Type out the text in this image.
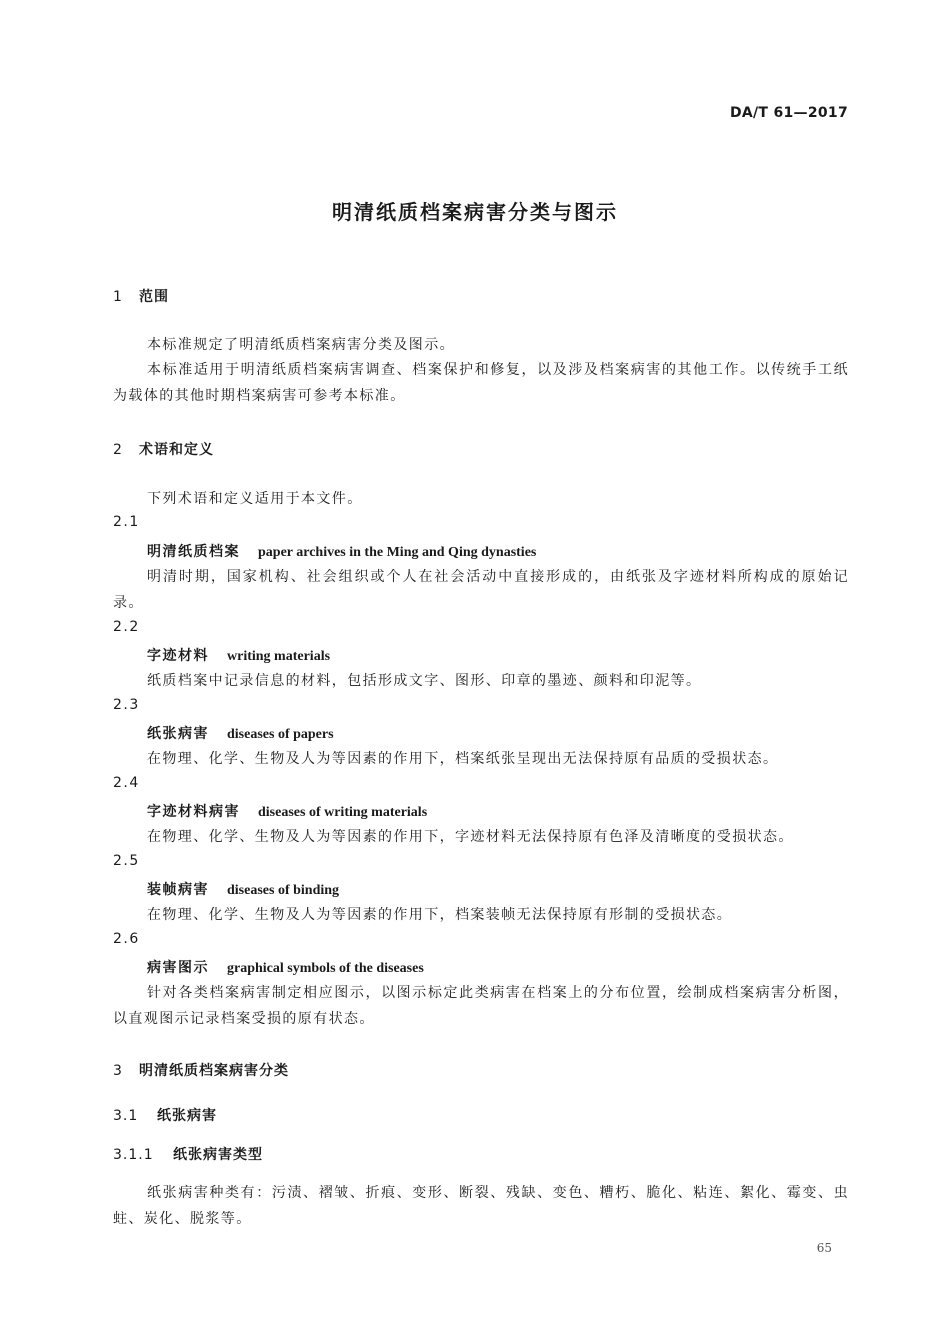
DA/T 61—2017
明清纸质档案病害分类与图示
1 范围
本标准规定了明清纸质档案病害分类及图示。
本标准适用于明清纸质档案病害调查、档案保护和修复，以及涉及档案病害的其他工作。以传统手工纸为载体的其他时期档案病害可参考本标准。
2 术语和定义
下列术语和定义适用于本文件。
2.1
明清纸质档案 paper archives in the Ming and Qing dynasties
明清时期，国家机构、社会组织或个人在社会活动中直接形成的，由纸张及字迹材料所构成的原始记录。
2.2
字迹材料 writing materials
纸质档案中记录信息的材料，包括形成文字、图形、印章的墨迹、颜料和印泥等。
2.3
纸张病害 diseases of papers
在物理、化学、生物及人为等因素的作用下，档案纸张呈现出无法保持原有品质的受损状态。
2.4
字迹材料病害 diseases of writing materials
在物理、化学、生物及人为等因素的作用下，字迹材料无法保持原有色泽及清晰度的受损状态。
2.5
装帧病害 diseases of binding
在物理、化学、生物及人为等因素的作用下，档案装帧无法保持原有形制的受损状态。
2.6
病害图示 graphical symbols of the diseases
针对各类档案病害制定相应图示，以图示标定此类病害在档案上的分布位置，绘制成档案病害分析图，以直观图示记录档案受损的原有状态。
3 明清纸质档案病害分类
3.1 纸张病害
3.1.1 纸张病害类型
纸张病害种类有：污渍、褶皱、折痕、变形、断裂、残缺、变色、糟朽、脆化、粘连、絮化、霉变、虫蛀、炭化、脱浆等。
65
